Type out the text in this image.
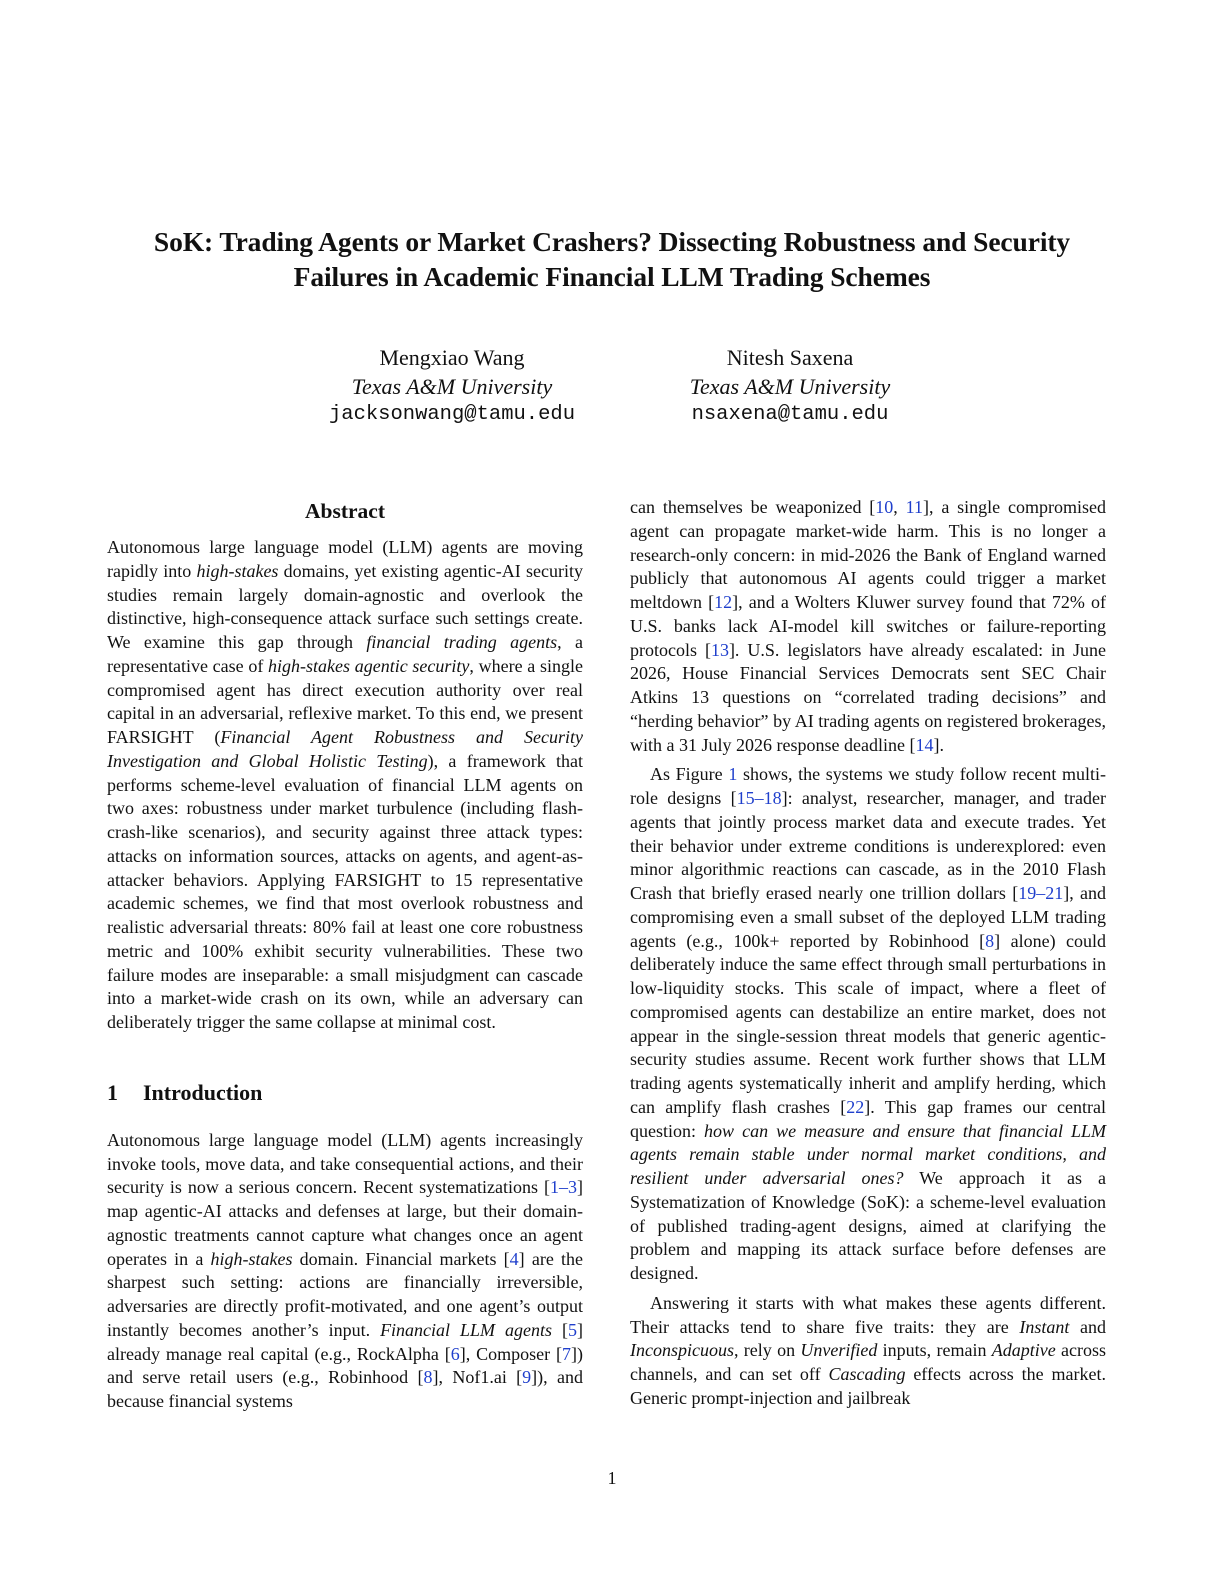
SoK: Trading Agents or Market Crashers? Dissecting Robustness and Security
Failures in Academic Financial LLM Trading Schemes
Mengxiao Wang
Texas A&M University
jacksonwang@tamu.edu
Nitesh Saxena
Texas A&M University
nsaxena@tamu.edu
Abstract

Autonomous large language model (LLM) agents are moving rapidly into high-stakes domains, yet existing agentic-AI security studies remain largely domain-agnostic and overlook the distinctive, high-consequence attack surface such settings create. We examine this gap through financial trading agents, a representative case of high-stakes agentic security, where a single compromised agent has direct execution authority over real capital in an adversarial, reflexive market. To this end, we present FARSIGHT (Financial Agent Robustness and Security Investigation and Global Holistic Testing), a framework that performs scheme-level evaluation of financial LLM agents on two axes: robustness under market turbulence (including flash-crash-like scenarios), and security against three attack types: attacks on information sources, attacks on agents, and agent-as-attacker behaviors. Applying FARSIGHT to 15 representative academic schemes, we find that most overlook robustness and realistic adversarial threats: 80% fail at least one core robustness metric and 100% exhibit security vulnerabilities. These two failure modes are inseparable: a small misjudgment can cascade into a market-wide crash on its own, while an adversary can deliberately trigger the same collapse at minimal cost.

1 Introduction

Autonomous large language model (LLM) agents increasingly invoke tools, move data, and take consequential actions, and their security is now a serious concern. Recent systematizations [1–3] map agentic-AI attacks and defenses at large, but their domain-agnostic treatments cannot capture what changes once an agent operates in a high-stakes domain. Financial markets [4] are the sharpest such setting: actions are financially irreversible, adversaries are directly profit-motivated, and one agent’s output instantly becomes another’s input. Financial LLM agents [5] already manage real capital (e.g., RockAlpha [6], Composer [7]) and serve retail users (e.g., Robinhood [8], Nof1.ai [9]), and because financial systems

can themselves be weaponized [10, 11], a single compromised agent can propagate market-wide harm. This is no longer a research-only concern: in mid-2026 the Bank of England warned publicly that autonomous AI agents could trigger a market meltdown [12], and a Wolters Kluwer survey found that 72% of U.S. banks lack AI-model kill switches or failure-reporting protocols [13]. U.S. legislators have already escalated: in June 2026, House Financial Services Democrats sent SEC Chair Atkins 13 questions on “correlated trading decisions” and “herding behavior” by AI trading agents on registered brokerages, with a 31 July 2026 response deadline [14].

As Figure 1 shows, the systems we study follow recent multi-role designs [15–18]: analyst, researcher, manager, and trader agents that jointly process market data and execute trades. Yet their behavior under extreme conditions is underexplored: even minor algorithmic reactions can cascade, as in the 2010 Flash Crash that briefly erased nearly one trillion dollars [19–21], and compromising even a small subset of the deployed LLM trading agents (e.g., 100k+ reported by Robinhood [8] alone) could deliberately induce the same effect through small perturbations in low-liquidity stocks. This scale of impact, where a fleet of compromised agents can destabilize an entire market, does not appear in the single-session threat models that generic agentic-security studies assume. Recent work further shows that LLM trading agents systematically inherit and amplify herding, which can amplify flash crashes [22]. This gap frames our central question: how can we measure and ensure that financial LLM agents remain stable under normal market conditions, and resilient under adversarial ones? We approach it as a Systematization of Knowledge (SoK): a scheme-level evaluation of published trading-agent designs, aimed at clarifying the problem and mapping its attack surface before defenses are designed.

Answering it starts with what makes these agents different. Their attacks tend to share five traits: they are Instant and Inconspicuous, rely on Unverified inputs, remain Adaptive across channels, and can set off Cascading effects across the market. Generic prompt-injection and jailbreak

1
